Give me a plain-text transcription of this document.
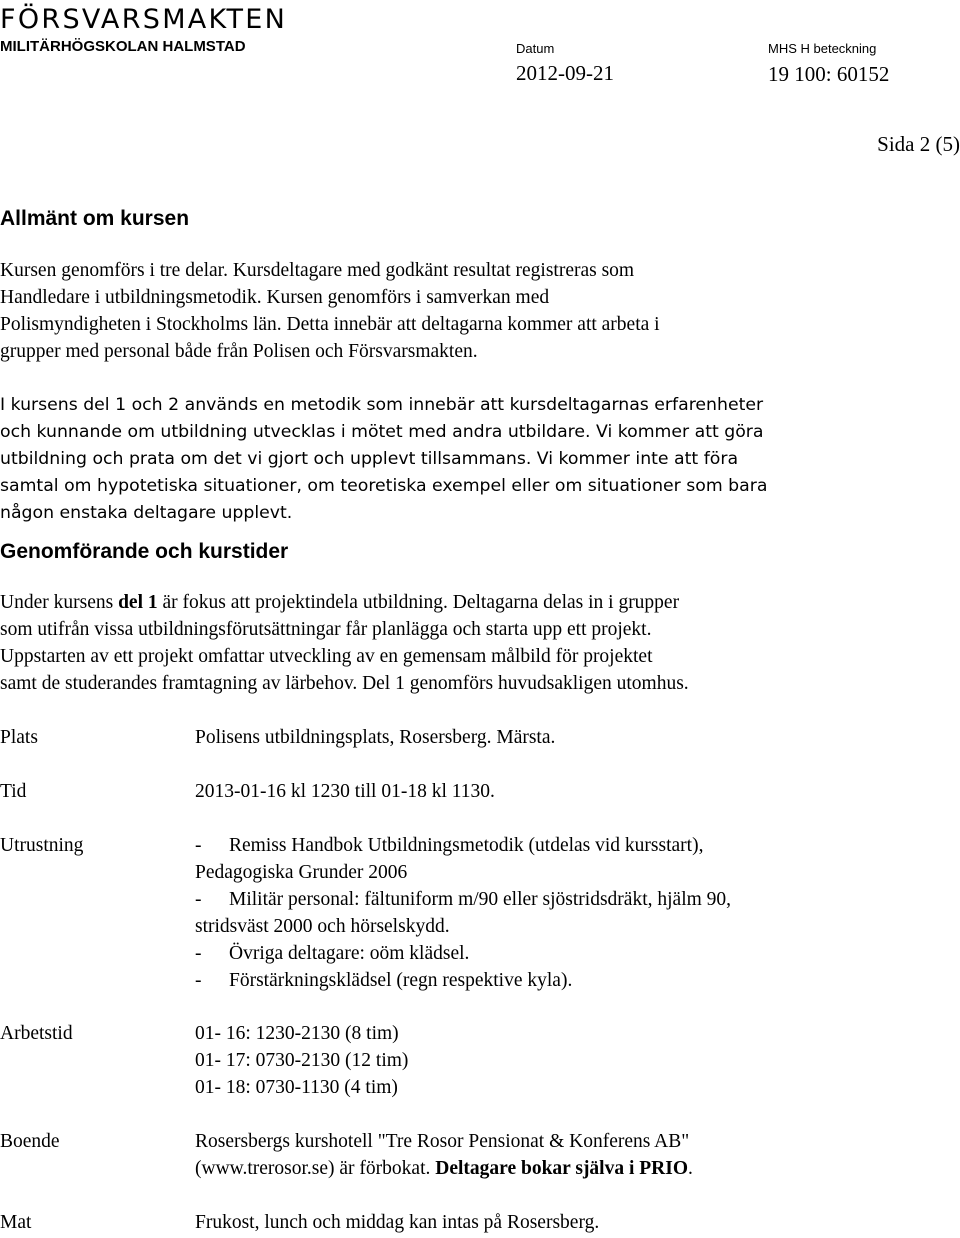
FÖRSVARSMAKTEN
MILITÄRHÖGSKOLAN HALMSTAD	Datum
2012-09-21
MHS H beteckning
19 100: 60152
Sida 2 (5)
Allmänt om kursen
Kursen genomförs i tre delar. Kursdeltagare med godkänt resultat registreras som
Handledare i utbildningsmetodik. Kursen genomförs i samverkan med
Polismyndigheten i Stockholms län. Detta innebär att deltagarna kommer att arbeta i
grupper med personal både från Polisen och Försvarsmakten.
I kursens del 1 och 2 används en metodik som innebär att kursdeltagarnas erfarenheter
och kunnande om utbildning utvecklas i mötet med andra utbildare. Vi kommer att göra
utbildning och prata om det vi gjort och upplevt tillsammans. Vi kommer inte att föra
samtal om hypotetiska situationer, om teoretiska exempel eller om situationer som bara
någon enstaka deltagare upplevt.
Genomförande och kurstider
Under kursens del 1 är fokus att projektindela utbildning. Deltagarna delas in i grupper
som utifrån vissa utbildningsförutsättningar får planlägga och starta upp ett projekt.
Uppstarten av ett projekt omfattar utveckling av en gemensam målbild för projektet
samt de studerandes framtagning av lärbehov. Del 1 genomförs huvudsakligen utomhus.
Plats	Polisens utbildningsplats, Rosersberg. Märsta.
Tid	2013-01-16 kl 1230 till 01-18 kl 1130.
Utrustning	-	Remiss Handbok Utbildningsmetodik (utdelas vid kursstart),
Pedagogiska Grunder 2006
-	Militär personal: fältuniform m/90 eller sjöstridsdräkt, hjälm 90,
stridsväst 2000 och hörselskydd.
-	Övriga deltagare: oöm klädsel.
-	Förstärkningsklädsel (regn respektive kyla).
Arbetstid	01- 16: 1230-2130 (8 tim)
01- 17: 0730-2130 (12 tim)
01- 18: 0730-1130 (4 tim)
Boende	Rosersbergs kurshotell "Tre Rosor Pensionat & Konferens AB"
(www.trerosor.se) är förbokat. Deltagare bokar själva i PRIO.
Mat	Frukost, lunch och middag kan intas på Rosersberg.
